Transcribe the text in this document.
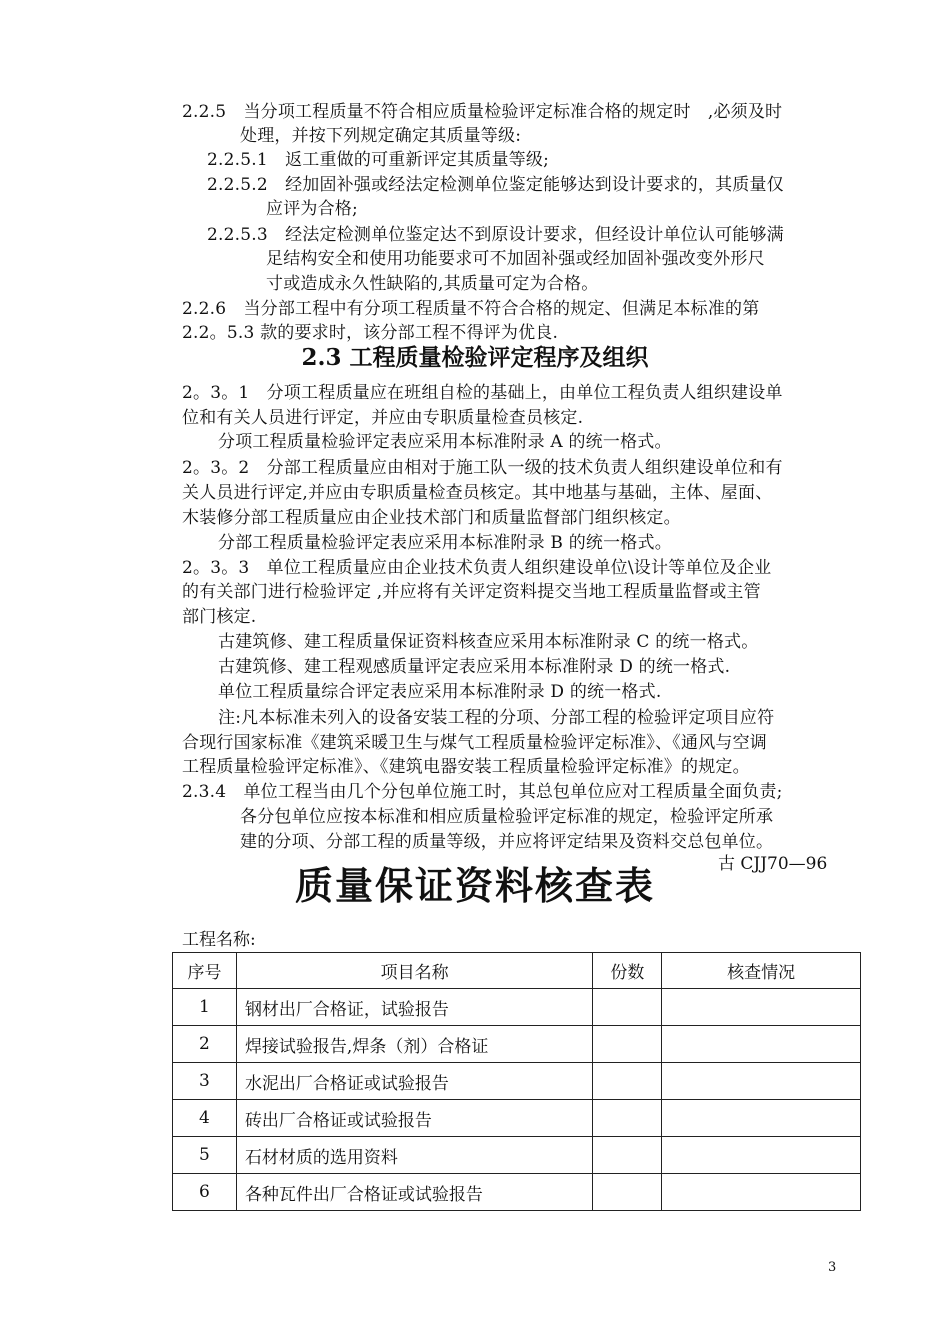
2.2.5　当分项工程质量不符合相应质量检验评定标准合格的规定时　,必须及时
处理，并按下列规定确定其质量等级:
2.2.5.1　返工重做的可重新评定其质量等级;
2.2.5.2　经加固补强或经法定检测单位鉴定能够达到设计要求的，其质量仅
应评为合格;
2.2.5.3　经法定检测单位鉴定达不到原设计要求，但经设计单位认可能够满
足结构安全和使用功能要求可不加固补强或经加固补强改变外形尺
寸或造成永久性缺陷的,其质量可定为合格。
2.2.6　当分部工程中有分项工程质量不符合合格的规定、但满足本标准的第
2.2。5.3 款的要求时，该分部工程不得评为优良.
2.3 工程质量检验评定程序及组织
2。3。1　分项工程质量应在班组自检的基础上，由单位工程负责人组织建设单
位和有关人员进行评定，并应由专职质量检查员核定.
分项工程质量检验评定表应采用本标准附录 A 的统一格式。
2。3。2　分部工程质量应由相对于施工队一级的技术负责人组织建设单位和有
关人员进行评定,并应由专职质量检查员核定。其中地基与基础，主体、屋面、
木装修分部工程质量应由企业技术部门和质量监督部门组织核定。
分部工程质量检验评定表应采用本标准附录 B 的统一格式。
2。3。3　单位工程质量应由企业技术负责人组织建设单位\设计等单位及企业
的有关部门进行检验评定 ,并应将有关评定资料提交当地工程质量监督或主管
部门核定.
古建筑修、建工程质量保证资料核查应采用本标准附录 C 的统一格式。
古建筑修、建工程观感质量评定表应采用本标准附录 D 的统一格式.
单位工程质量综合评定表应采用本标准附录 D 的统一格式.
注:凡本标准未列入的设备安装工程的分项、分部工程的检验评定项目应符
合现行国家标准《建筑采暖卫生与煤气工程质量检验评定标准》、《通风与空调
工程质量检验评定标准》、《建筑电器安装工程质量检验评定标准》的规定。
2.3.4　单位工程当由几个分包单位施工时，其总包单位应对工程质量全面负责;
各分包单位应按本标准和相应质量检验评定标准的规定，检验评定所承
建的分项、分部工程的质量等级，并应将评定结果及资料交总包单位。
古 CJJ70—96
质量保证资料核查表
工程名称:
序号	项目名称	份数	核查情况
1	钢材出厂合格证，试验报告		
2	焊接试验报告,焊条（剂）合格证		
3	水泥出厂合格证或试验报告		
4	砖出厂合格证或试验报告		
5	石材材质的选用资料		
6	各种瓦件出厂合格证或试验报告		
3
